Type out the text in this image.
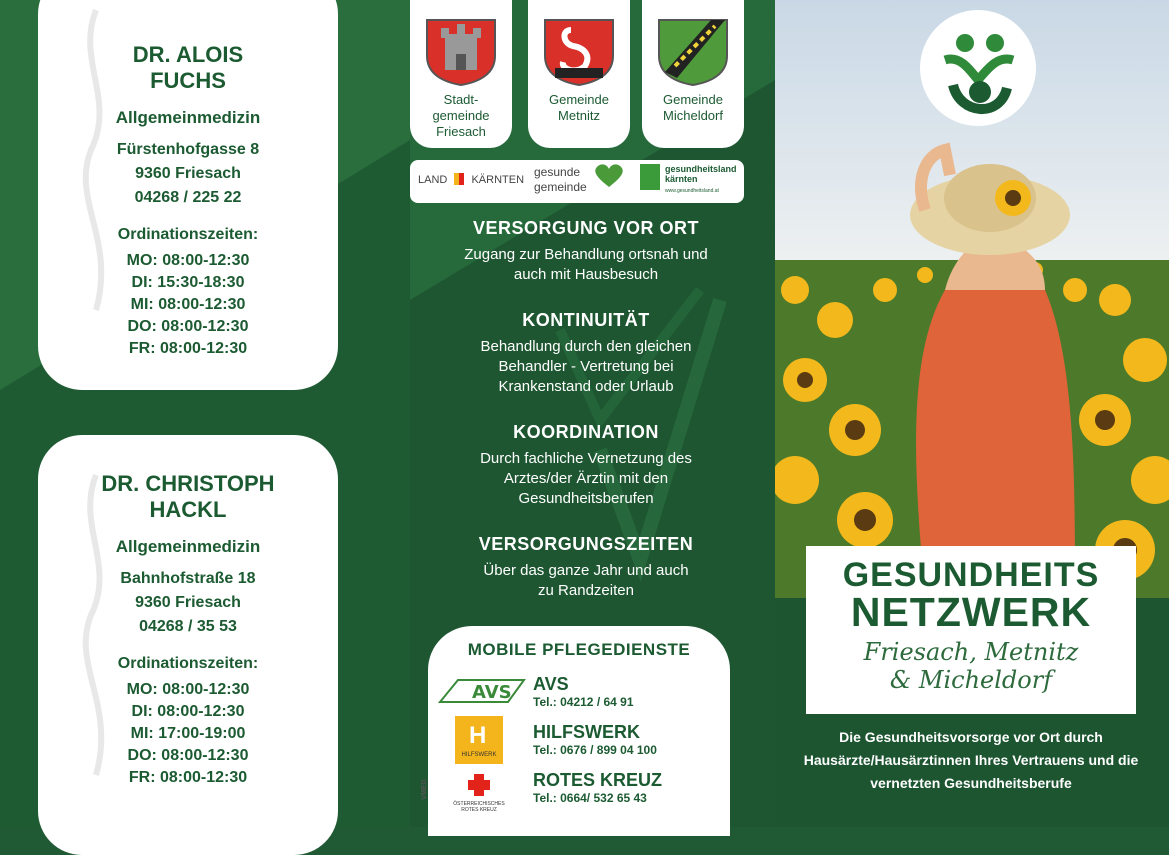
DR. ALOIS FUCHS
Allgemeinmedizin
Fürstenhofgasse 8
9360 Friesach
04268 / 225 22
Ordinationszeiten:
MO: 08:00-12:30
DI: 15:30-18:30
MI: 08:00-12:30
DO: 08:00-12:30
FR: 08:00-12:30
DR. CHRISTOPH HACKL
Allgemeinmedizin
Bahnhofstraße 18
9360 Friesach
04268 / 35 53
Ordinationszeiten:
MO: 08:00-12:30
DI: 08:00-12:30
MI: 17:00-19:00
DO: 08:00-12:30
FR: 08:00-12:30
Stadt-gemeinde Friesach
Gemeinde Metnitz
Gemeinde Micheldorf
LAND KÄRNTEN
gesunde
gemeinde
gesundheitsland
kärnten
www.gesundheitsland.at
VERSORGUNG VOR ORT
Zugang zur Behandlung ortsnah und auch mit Hausbesuch
KONTINUITÄT
Behandlung durch den gleichen Behandler - Vertretung bei Krankenstand oder Urlaub
KOORDINATION
Durch fachliche Vernetzung des Arztes/der Ärztin mit den Gesundheitsberufen
VERSORGUNGSZEITEN
Über das ganze Jahr und auch zu Randzeiten
MOBILE PFLEGEDIENSTE
AVS AVS
Tel.: 04212 / 64 91
H
HILFSWERK
HILFSWERK
Tel.: 0676 / 899 04 100
ÖSTERREICHISCHES ROTES KREUZ
ROTES KREUZ
Tel.: 0664/ 532 65 43
VMEG
GESUNDHEITS
NETZWERK
Friesach, Metnitz
& Micheldorf
Die Gesundheitsvorsorge vor Ort durch Hausärzte/Hausärztinnen Ihres Vertrauens und die vernetzten Gesundheitsberufe
